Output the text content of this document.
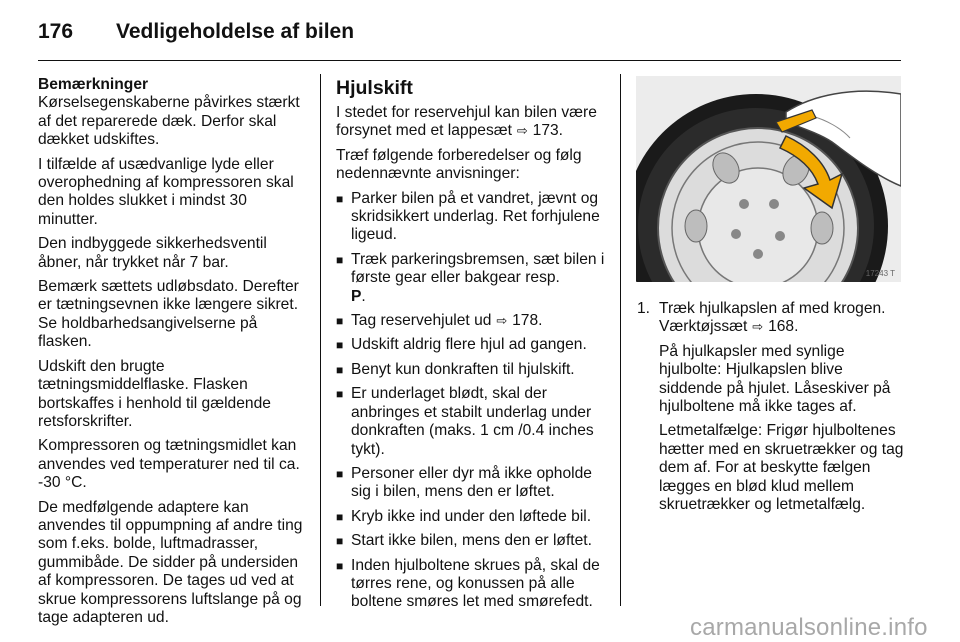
176	Vedligeholdelse af bilen
Bemærkninger

Kørselsegenskaberne påvirkes stærkt af det reparerede dæk. Derfor skal dækket udskiftes.

I tilfælde af usædvanlige lyde eller overophedning af kompressoren skal den holdes slukket i mindst 30 minutter.

Den indbyggede sikkerhedsventil åbner, når trykket når 7 bar.

Bemærk sættets udløbsdato. Derefter er tætningsevnen ikke længere sikret. Se holdbarhedsangivelserne på flasken.

Udskift den brugte tætningsmiddelflaske. Flasken bortskaffes i henhold til gældende retsforskrifter.

Kompressoren og tætningsmidlet kan anvendes ved temperaturer ned til ca. -30 °C.

De medfølgende adaptere kan anvendes til oppumpning af andre ting som f.eks. bolde, luftmadrasser, gummibåde. De sidder på undersiden af kompressoren. De tages ud ved at skrue kompressorens luftslange på og tage adapteren ud.

Hjulskift

I stedet for reservehjul kan bilen være forsynet med et lappesæt ⇨ 173.

Træf følgende forberedelser og følg nedennævnte anvisninger:

■ Parker bilen på et vandret, jævnt og skridsikkert underlag. Ret forhjulene ligeud.
■ Træk parkeringsbremsen, sæt bilen i første gear eller bakgear resp.
P.
■ Tag reservehjulet ud ⇨ 178.
■ Udskift aldrig flere hjul ad gangen.
■ Benyt kun donkraften til hjulskift.
■ Er underlaget blødt, skal der anbringes et stabilt underlag under donkraften (maks. 1 cm /0.4 inches tykt).
■ Personer eller dyr må ikke opholde sig i bilen, mens den er løftet.
■ Kryb ikke ind under den løftede bil.
■ Start ikke bilen, mens den er løftet.
■ Inden hjulboltene skrues på, skal de tørres rene, og konussen på alle boltene smøres let med smørefedt.
17243 T
1. Træk hjulkapslen af med krogen. Værktøjssæt ⇨ 168.

På hjulkapsler med synlige hjulbolte: Hjulkapslen blive siddende på hjulet. Låseskiver på hjulboltene må ikke tages af.

Letmetalfælge: Frigør hjulboltenes hætter med en skruetrækker og tag dem af. For at beskytte fælgen lægges en blød klud mellem skruetrækker og letmetalfælg.

carmanualsonline.info
